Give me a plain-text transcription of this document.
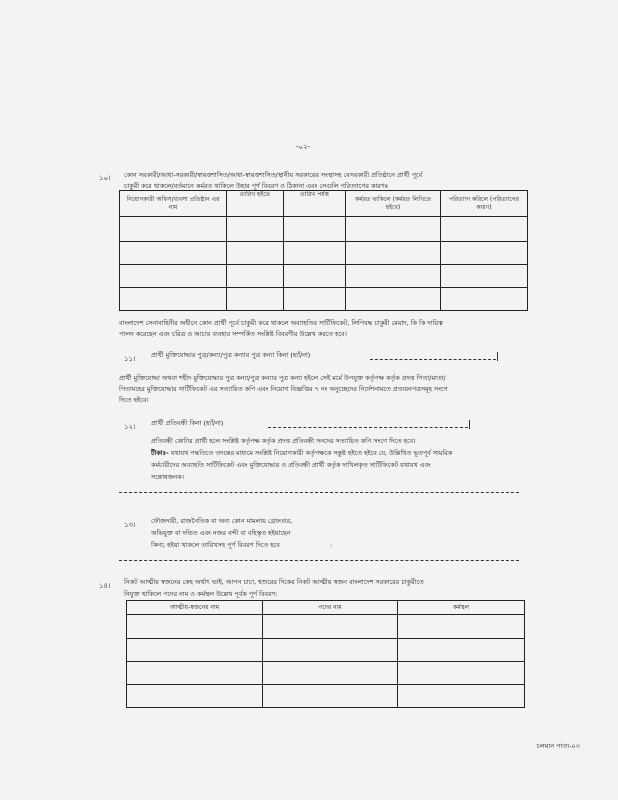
-০২-
১০। কোন সরকারী/আধা-সরকারী/স্বায়ত্তশাসিত/আধা-স্বায়ত্তশাসিত/স্থানীয় সরকারের সংস্থাসহ বেসরকারী প্রতিষ্ঠানে প্রার্থী পূর্বে
চাকুরী করে থাকলে/বর্তমানে কর্মরত থাকিলে উহার পূর্ণ বিবরণ ও ঠিকানা এবং সেগুলি পরিত্যাগের কারণঃ
নিয়োগকারী অফিস/ব্যবসা প্রতিষ্ঠান এর নাম	তারিখ হইতে	তারিখ পর্যন্ত	কর্মরত থাকিলে (কর্মরত লিখিতে হইবে)	পরিত্যাগ করিলে (পরিত্যাগের কারণ)

বাংলাদেশ সেনাবাহিনীর অধীনে কোন প্রার্থী পূর্বে চাকুরী করে থাকলে অব্যাহতির সার্টিফিকেট, লিপিবদ্ধ চাকুরী মেয়াদ, কি কি দায়িত্ব
পালন করেছেন এবং চরিত্র ও আচার ব্যবহার সম্পর্কিত সংশ্লিষ্ট বিবরণীর উল্লেখ করতে হবে।
১১। প্রার্থী মুক্তিযোদ্ধার পুত্র/কন্যা/পুত্র কন্যার পুত্র কন্যা কিনা (হ্যাঁ/না)
প্রার্থী মুক্তিযোদ্ধা অথবা শহীদ মুক্তিযোদ্ধার পুত্র কন্যা/পুত্র কন্যার পুত্র কন্যা হইলে সেই মর্মে উপযুক্ত কর্তৃপক্ষ কর্তৃক প্রদত্ত পিতা/মাতা/
পিতামহের মুক্তিযোদ্ধার সার্টিফিকেট এর সত্যায়িত কপি এবং নিয়োগ বিজ্ঞপ্তির ৭ নং অনুচ্ছেদের নির্দেশনামতে প্রত্যয়নপত্রসমূহ সংগে
দিতে হইবে।
১২। প্রার্থী প্রতিবন্ধী কিনা (হ্যাঁ/না)
প্রতিবন্ধী কোটার প্রার্থী হলে সংশ্লিষ্ট কর্তৃপক্ষ কর্তৃক প্রদত্ত প্রতিবন্ধী সনদের সত্যায়িত কপি সংগে দিতে হবে।
টীকাঃ- যথাযথ পদ্ধতিতে তদন্তের মাধ্যমে সংশ্লিষ্ট নিয়োগকারী কর্তৃপক্ষকে সন্তুষ্ট হইতে হইবে যে, উল্লিখিত ভূতপূর্ব সামরিক
কর্মচারীদের অব্যাহতি সার্টিফিকেট এবং মুক্তিযোদ্ধার ও প্রতিবন্ধী প্রার্থী কর্তৃক দাখিলকৃত সার্টিফিকেট যথাযথ এবং
সন্তোষজনক।
১৩। ফৌজদারী, রাজনৈতিক বা অন্য কোন মামলায় গ্রেফতার,
অভিযুক্ত বা দন্ডিত এবং নজর বন্দী বা বহিস্কৃত হইয়াছেন
কিনা; হইয়া থাকলে তারিখসহ পূর্ণ বিবরণ দিতে হবে	:
১৪। নিকট আত্মীয় স্বজনের কেহ অর্থাৎ ভাই, আপন চাচা, শ্বশুরের দিকের নিকট আত্মীয় স্বজন বাংলাদেশ সরকারের চাকুরীতে
নিযুক্ত থাকিলে পদের নাম ও কর্মস্থল উল্লেখ পূর্বক পূর্ণ বিবরণ:
আত্মীয়-স্বজনের নাম	পদের নাম	কর্মস্থল

চলমান পাতা-০৩
